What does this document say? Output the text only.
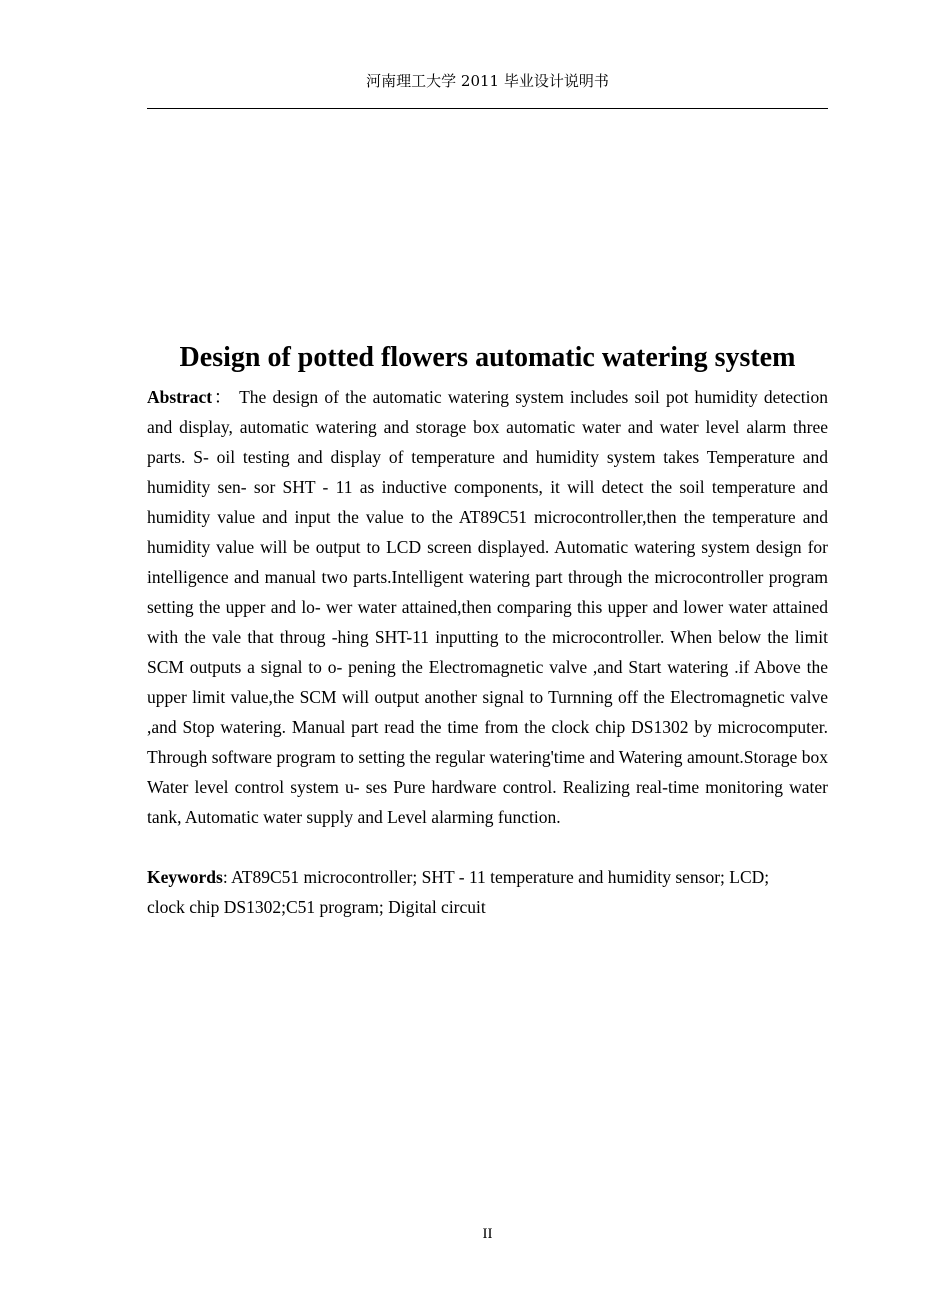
河南理工大学 2011 毕业设计说明书
Design of potted flowers automatic watering system

Abstract： The design of the automatic watering system includes soil pot humidity detection and display, automatic watering and storage box automatic water and water level alarm three parts. S- oil testing and display of temperature and humidity system takes Temperature and humidity sen- sor SHT - 11 as inductive components, it will detect the soil temperature and humidity value and input the value to the AT89C51 microcontroller,then the temperature and humidity value will be output to LCD screen displayed. Automatic watering system design for intelligence and manual two parts.Intelligent watering part through the microcontroller program setting the upper and lo- wer water attained,then comparing this upper and lower water attained with the vale that throug -hing SHT-11 inputting to the microcontroller. When below the limit SCM outputs a signal to o- pening the Electromagnetic valve ,and Start watering .if Above the upper limit value,the SCM will output another signal to Turnning off the Electromagnetic valve ,and Stop watering. Manual part read the time from the clock chip DS1302 by microcomputer. Through software program to setting the regular watering'time and Watering amount.Storage box Water level control system u- ses Pure hardware control. Realizing real-time monitoring water tank, Automatic water supply and Level alarming function.

Keywords: AT89C51 microcontroller; SHT - 11 temperature and humidity sensor; LCD;
clock chip DS1302;C51 program; Digital circuit

II
